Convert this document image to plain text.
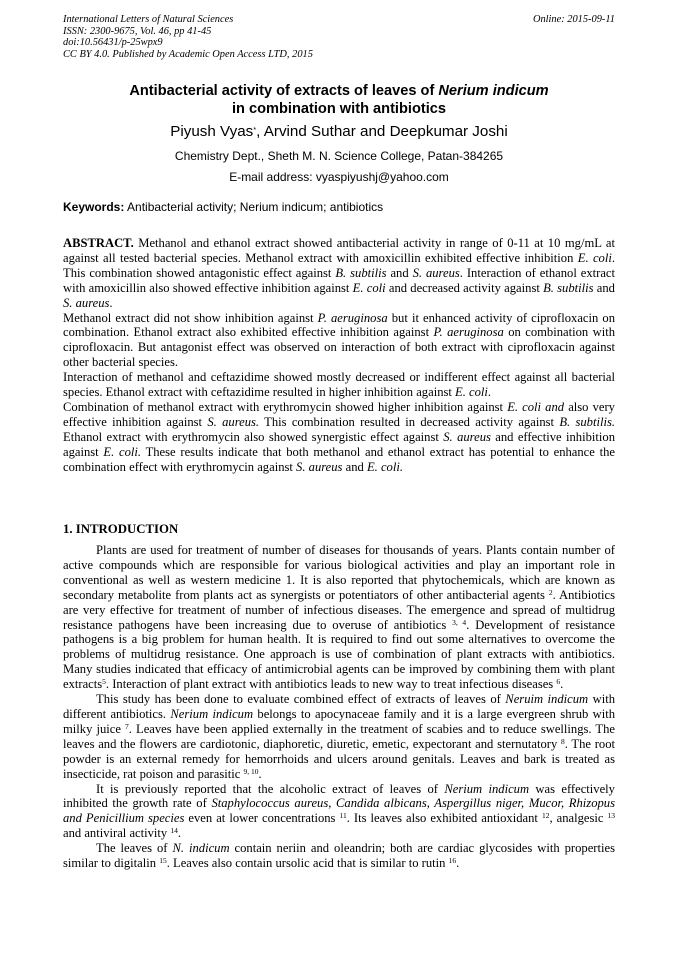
International Letters of Natural Sciences
ISSN: 2300-9675, Vol. 46, pp 41-45
doi:10.56431/p-25wpx9
CC BY 4.0. Published by Academic Open Access LTD, 2015
Online: 2015-09-11
Antibacterial activity of extracts of leaves of Nerium indicum
in combination with antibiotics
Piyush Vyas*, Arvind Suthar and Deepkumar Joshi
Chemistry Dept., Sheth M. N. Science College, Patan-384265
E-mail address: vyaspiyushj@yahoo.com
Keywords: Antibacterial activity; Nerium indicum; antibiotics

ABSTRACT. Methanol and ethanol extract showed antibacterial activity in range of 0-11 at 10 mg/mL at against all tested bacterial species. Methanol extract with amoxicillin exhibited effective inhibition E. coli. This combination showed antagonistic effect against B. subtilis and S. aureus. Interaction of ethanol extract with amoxicillin also showed effective inhibition against E. coli and decreased activity against B. subtilis and S. aureus.

Methanol extract did not show inhibition against P. aeruginosa but it enhanced activity of ciprofloxacin on combination. Ethanol extract also exhibited effective inhibition against P. aeruginosa on combination with ciprofloxacin. But antagonist effect was observed on interaction of both extract with ciprofloxacin against other bacterial species.

Interaction of methanol and ceftazidime showed mostly decreased or indifferent effect against all bacterial species. Ethanol extract with ceftazidime resulted in higher inhibition against E. coli.

Combination of methanol extract with erythromycin showed higher inhibition against E. coli and also very effective inhibition against S. aureus. This combination resulted in decreased activity against B. subtilis. Ethanol extract with erythromycin also showed synergistic effect against S. aureus and effective inhibition against E. coli. These results indicate that both methanol and ethanol extract has potential to enhance the combination effect with erythromycin against S. aureus and E. coli.

1. INTRODUCTION

Plants are used for treatment of number of diseases for thousands of years. Plants contain number of active compounds which are responsible for various biological activities and play an important role in conventional as well as western medicine 1. It is also reported that phytochemicals, which are known as secondary metabolite from plants act as synergists or potentiators of other antibacterial agents $^2$. Antibiotics are very effective for treatment of number of infectious diseases. The emergence and spread of multidrug resistance pathogens have been increasing due to overuse of antibiotics $^{3, 4}$. Development of resistance pathogens is a big problem for human health. It is required to find out some alternatives to overcome the problems of multidrug resistance. One approach is use of combination of plant extracts with antibiotics. Many studies indicated that efficacy of antimicrobial agents can be improved by combining them with plant extracts$^5$. Interaction of plant extract with antibiotics leads to new way to treat infectious diseases $^6$.

This study has been done to evaluate combined effect of extracts of leaves of Neruim indicum with different antibiotics. Nerium indicum belongs to apocynaceae family and it is a large evergreen shrub with milky juice $^7$. Leaves have been applied externally in the treatment of scabies and to reduce swellings. The leaves and the flowers are cardiotonic, diaphoretic, diuretic, emetic, expectorant and sternutatory $^8$. The root powder is an external remedy for hemorrhoids and ulcers around genitals. Leaves and bark is treated as insecticide, rat poison and parasitic $^{9, 10}$.

It is previously reported that the alcoholic extract of leaves of Nerium indicum was effectively inhibited the growth rate of Staphylococcus aureus, Candida albicans, Aspergillus niger, Mucor, Rhizopus and Penicillium species even at lower concentrations $^{11}$. Its leaves also exhibited antioxidant $^{12}$, analgesic $^{13}$ and antiviral activity $^{14}$.

The leaves of N. indicum contain neriin and oleandrin; both are cardiac glycosides with properties similar to digitalin $^{15}$. Leaves also contain ursolic acid that is similar to rutin $^{16}$.
